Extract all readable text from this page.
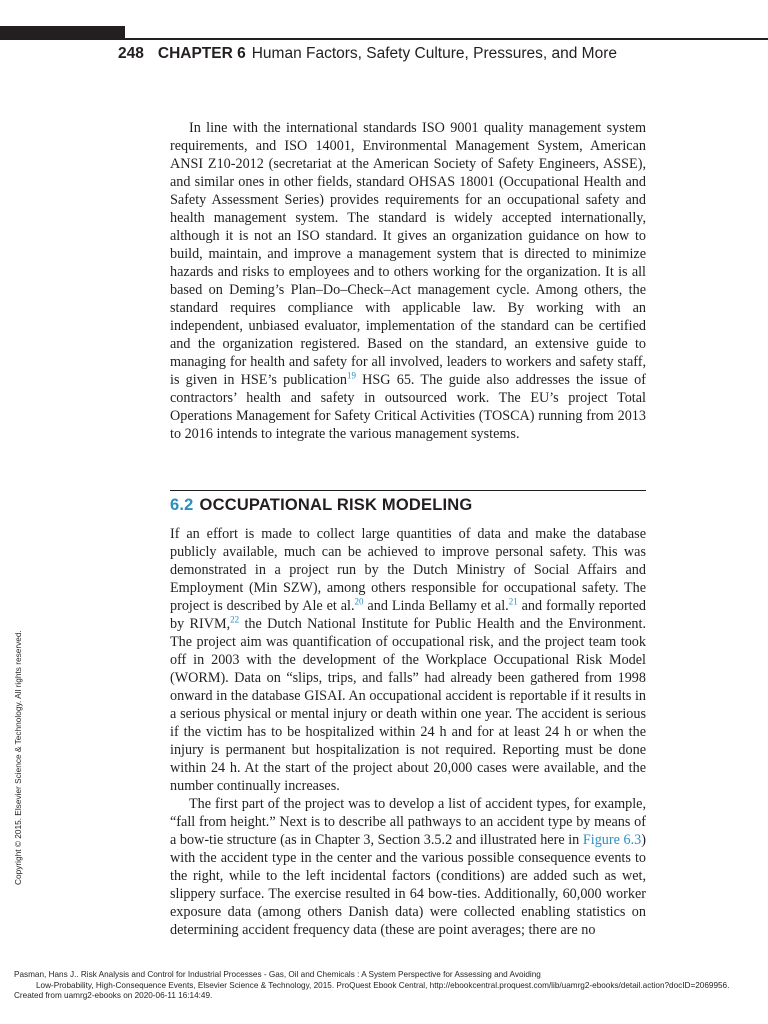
248 CHAPTER 6 Human Factors, Safety Culture, Pressures, and More

In line with the international standards ISO 9001 quality management system requirements, and ISO 14001, Environmental Management System, American ANSI Z10-2012 (secretariat at the American Society of Safety Engineers, ASSE), and similar ones in other fields, standard OHSAS 18001 (Occupational Health and Safety Assessment Series) provides requirements for an occupational safety and health management system. The standard is widely accepted internationally, although it is not an ISO standard. It gives an organization guidance on how to build, maintain, and improve a management system that is directed to minimize hazards and risks to employees and to others working for the organization. It is all based on Deming’s Plan–Do–Check–Act management cycle. Among others, the standard requires compliance with applicable law. By working with an independent, unbiased evaluator, implementation of the standard can be certified and the organization registered. Based on the standard, an extensive guide to managing for health and safety for all involved, leaders to workers and safety staff, is given in HSE’s publication$^{19}$ HSG 65. The guide also addresses the issue of contractors’ health and safety in outsourced work. The EU’s project Total Operations Management for Safety Critical Activities (TOSCA) running from 2013 to 2016 intends to integrate the various management systems.

6.2 OCCUPATIONAL RISK MODELING

If an effort is made to collect large quantities of data and make the database publicly available, much can be achieved to improve personal safety. This was demonstrated in a project run by the Dutch Ministry of Social Affairs and Employment (Min SZW), among others responsible for occupational safety. The project is described by Ale et al.$^{20}$ and Linda Bellamy et al.$^{21}$ and formally reported by RIVM,$^{22}$ the Dutch National Institute for Public Health and the Environment. The project aim was quantification of occupational risk, and the project team took off in 2003 with the development of the Workplace Occupational Risk Model (WORM). Data on “slips, trips, and falls” had already been gathered from 1998 onward in the database GISAI. An occupational accident is reportable if it results in a serious physical or mental injury or death within one year. The accident is serious if the victim has to be hospitalized within 24 h and for at least 24 h or when the injury is permanent but hospitalization is not required. Reporting must be done within 24 h. At the start of the project about 20,000 cases were available, and the number continually increases.

The first part of the project was to develop a list of accident types, for example, “fall from height.” Next is to describe all pathways to an accident type by means of a bow-tie structure (as in Chapter 3, Section 3.5.2 and illustrated here in Figure 6.3) with the accident type in the center and the various possible consequence events to the right, while to the left incidental factors (conditions) are added such as wet, slippery surface. The exercise resulted in 64 bow-ties. Additionally, 60,000 worker exposure data (among others Danish data) were collected enabling statistics on determining accident frequency data (these are point averages; there are no

Copyright © 2015. Elsevier Science & Technology. All rights reserved.
Pasman, Hans J.. Risk Analysis and Control for Industrial Processes - Gas, Oil and Chemicals : A System Perspective for Assessing and Avoiding
Low-Probability, High-Consequence Events, Elsevier Science & Technology, 2015. ProQuest Ebook Central, http://ebookcentral.proquest.com/lib/uamrg2-ebooks/detail.action?docID=2069956.
Created from uamrg2-ebooks on 2020-06-11 16:14:49.
